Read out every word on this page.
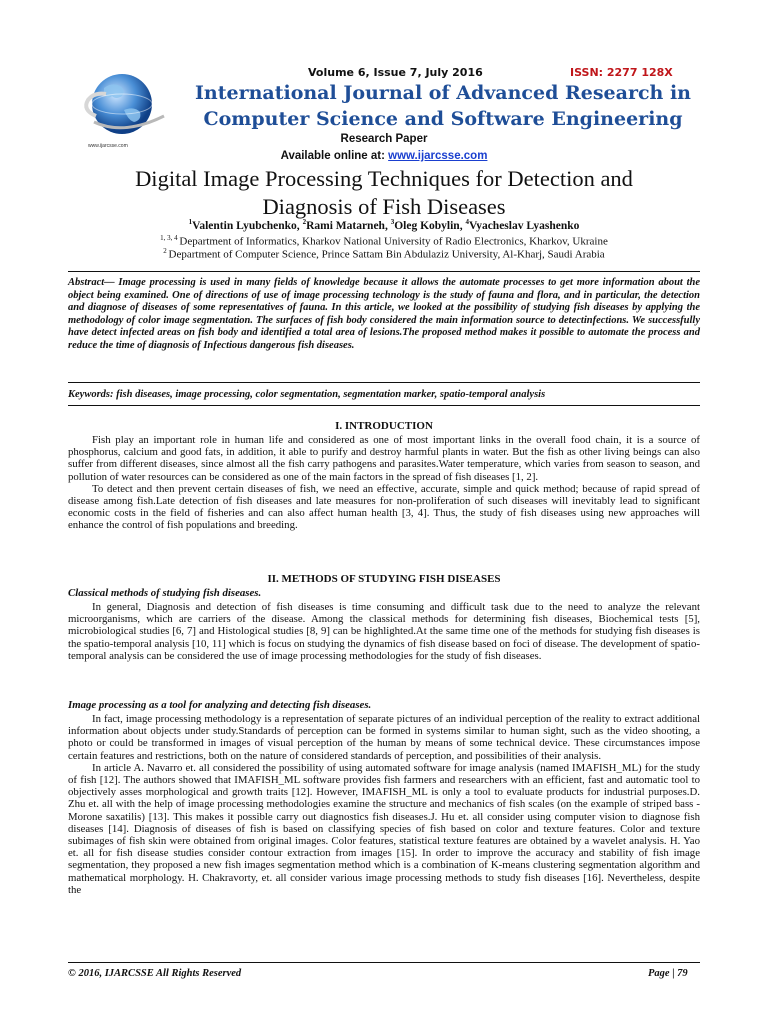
www.ijarcsse.com
Volume 6, Issue 7, July 2016	ISSN: 2277 128X
International Journal of Advanced Research in
Computer Science and Software Engineering
Research Paper
Available online at: www.ijarcsse.com
Digital Image Processing Techniques for Detection and
Diagnosis of Fish Diseases
$^1$Valentin Lyubchenko, $^2$Rami Matarneh, $^3$Oleg Kobylin, $^4$Vyacheslav Lyashenko
$^{1, 3, 4}$ Department of Informatics, Kharkov National University of Radio Electronics, Kharkov, Ukraine
$^2$ Department of Computer Science, Prince Sattam Bin Abdulaziz University, Al-Kharj, Saudi Arabia
Abstract— Image processing is used in many fields of knowledge because it allows the automate processes to get more information about the object being examined. One of directions of use of image processing technology is the study of fauna and flora, and in particular, the detection and diagnose of diseases of some representatives of fauna. In this article, we looked at the possibility of studying fish diseases by applying the methodology of color image segmentation. The surfaces of fish body considered the main information source to detectinfections. We successfully have detect infected areas on fish body and identified a total area of lesions.The proposed method makes it possible to automate the process and reduce the time of diagnosis of Infectious dangerous fish diseases.
Keywords: fish diseases, image processing, color segmentation, segmentation marker, spatio-temporal analysis
I. INTRODUCTION

Fish play an important role in human life and considered as one of most important links in the overall food chain, it is a source of phosphorus, calcium and good fats, in addition, it able to purify and destroy harmful plants in water. But the fish as other living beings can also suffer from different diseases, since almost all the fish carry pathogens and parasites.Water temperature, which varies from season to season, and pollution of water resources can be considered as one of the main factors in the spread of fish diseases [1, 2].

To detect and then prevent certain diseases of fish, we need an effective, accurate, simple and quick method; because of rapid spread of disease among fish.Late detection of fish diseases and late measures for non-proliferation of such diseases will inevitably lead to significant economic costs in the field of fisheries and can also affect human health [3, 4]. Thus, the study of fish diseases using new approaches will enhance the control of fish populations and breeding.

II. METHODS OF STUDYING FISH DISEASES
Classical methods of studying fish diseases.

In general, Diagnosis and detection of fish diseases is time consuming and difficult task due to the need to analyze the relevant microorganisms, which are carriers of the disease. Among the classical methods for determining fish diseases, Biochemical tests [5], microbiological studies [6, 7] and Histological studies [8, 9] can be highlighted.At the same time one of the methods for studying fish diseases is the spatio-temporal analysis [10, 11] which is focus on studying the dynamics of fish disease based on foci of disease. The development of spatio-temporal analysis can be considered the use of image processing methodologies for the study of fish diseases.

Image processing as a tool for analyzing and detecting fish diseases.

In fact, image processing methodology is a representation of separate pictures of an individual perception of the reality to extract additional information about objects under study.Standards of perception can be formed in systems similar to human sight, such as the video shooting, a photo or could be transformed in images of visual perception of the human by means of some technical device. These circumstances impose certain features and restrictions, both on the nature of considered standards of perception, and possibilities of their analysis.

In article A. Navarro et. all considered the possibility of using automated software for image analysis (named IMAFISH_ML) for the study of fish [12]. The authors showed that IMAFISH_ML software provides fish farmers and researchers with an efficient, fast and automatic tool to objectively asses morphological and growth traits [12]. However, IMAFISH_ML is only a tool to evaluate products for industrial purposes.D. Zhu et. all with the help of image processing methodologies examine the structure and mechanics of fish scales (on the example of striped bass - Morone saxatilis) [13]. This makes it possible carry out diagnostics fish diseases.J. Hu et. all consider using computer vision to diagnose fish diseases [14]. Diagnosis of diseases of fish is based on classifying species of fish based on color and texture features. Color and texture subimages of fish skin were obtained from original images. Color features, statistical texture features are obtained by a wavelet analysis. H. Yao et. all for fish disease studies consider contour extraction from images [15]. In order to improve the accuracy and stability of fish image segmentation, they proposed a new fish images segmentation method which is a combination of K-means clustering segmentation algorithm and mathematical morphology. H. Chakravorty, et. all consider various image processing methods to study fish diseases [16]. Nevertheless, despite the

© 2016, IJARCSSE All Rights Reserved	Page | 79
